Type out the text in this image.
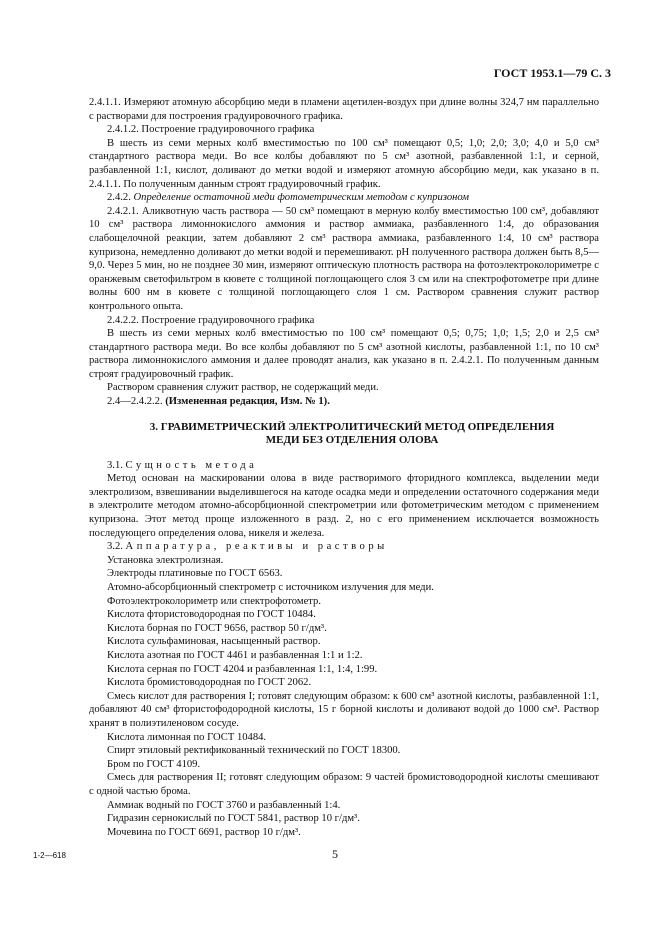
ГОСТ 1953.1—79 С. 3

2.4.1.1. Измеряют атомную абсорбцию меди в пламени ацетилен-воздух при длине волны 324,7 нм параллельно с растворами для построения градуировочного графика.

2.4.1.2. Построение градуировочного графика

В шесть из семи мерных колб вместимостью по 100 см³ помещают 0,5; 1,0; 2,0; 3,0; 4,0 и 5,0 см³ стандартного раствора меди. Во все колбы добавляют по 5 см³ азотной, разбавленной 1:1, и серной, разбавленной 1:1, кислот, доливают до метки водой и измеряют атомную абсорбцию меди, как указано в п. 2.4.1.1. По полученным данным строят градуировочный график.

2.4.2. Определение остаточной меди фотометрическим методом с купризоном

2.4.2.1. Аликвотную часть раствора — 50 см³ помещают в мерную колбу вместимостью 100 см³, добавляют 10 см³ раствора лимоннокислого аммония и раствор аммиака, разбавленного 1:4, до образования слабощелочной реакции, затем добавляют 2 см³ раствора аммиака, разбавленного 1:4, 10 см³ раствора купризона, немедленно доливают до метки водой и перемешивают. pH полученного раствора должен быть 8,5—9,0. Через 5 мин, но не позднее 30 мин, измеряют оптическую плотность раствора на фотоэлектроколориметре с оранжевым светофильтром в кювете с толщиной поглощающего слоя 3 см или на спектрофотометре при длине волны 600 нм в кювете с толщиной поглощающего слоя 1 см. Раствором сравнения служит раствор контрольного опыта.

2.4.2.2. Построение градуировочного графика

В шесть из семи мерных колб вместимостью по 100 см³ помещают 0,5; 0,75; 1,0; 1,5; 2,0 и 2,5 см³ стандартного раствора меди. Во все колбы добавляют по 5 см³ азотной кислоты, разбавленной 1:1, по 10 см³ раствора лимоннокислого аммония и далее проводят анализ, как указано в п. 2.4.2.1. По полученным данным строят градуировочный график.

Раствором сравнения служит раствор, не содержащий меди.

2.4—2.4.2.2. (Измененная редакция, Изм. № 1).

3. ГРАВИМЕТРИЧЕСКИЙ ЭЛЕКТРОЛИТИЧЕСКИЙ МЕТОД ОПРЕДЕЛЕНИЯ
МЕДИ БЕЗ ОТДЕЛЕНИЯ ОЛОВА

3.1. Сущность метода

Метод основан на маскировании олова в виде растворимого фторидного комплекса, выделении меди электролизом, взвешивании выделившегося на катоде осадка меди и определении остаточного содержания меди в электролите методом атомно-абсорбционной спектрометрии или фотометрическим методом с применением купризона. Этот метод проще изложенного в разд. 2, но с его применением исключается возможность последующего определения олова, никеля и железа.

3.2. Аппаратура, реактивы и растворы

Установка электролизная.

Электроды платиновые по ГОСТ 6563.

Атомно-абсорбционный спектрометр с источником излучения для меди.

Фотоэлектроколориметр или спектрофотометр.

Кислота фтористоводородная по ГОСТ 10484.

Кислота борная по ГОСТ 9656, раствор 50 г/дм³.

Кислота сульфаминовая, насыщенный раствор.

Кислота азотная по ГОСТ 4461 и разбавленная 1:1 и 1:2.

Кислота серная по ГОСТ 4204 и разбавленная 1:1, 1:4, 1:99.

Кислота бромистоводородная по ГОСТ 2062.

Смесь кислот для растворения I; готовят следующим образом: к 600 см³ азотной кислоты, разбавленной 1:1, добавляют 40 см³ фтористофодородной кислоты, 15 г борной кислоты и доливают водой до 1000 см³. Раствор хранят в полиэтиленовом сосуде.

Кислота лимонная по ГОСТ 10484.

Спирт этиловый ректификованный технический по ГОСТ 18300.

Бром по ГОСТ 4109.

Смесь для растворения II; готовят следующим образом: 9 частей бромистоводородной кислоты смешивают с одной частью брома.

Аммиак водный по ГОСТ 3760 и разбавленный 1:4.

Гидразин сернокислый по ГОСТ 5841, раствор 10 г/дм³.

Мочевина по ГОСТ 6691, раствор 10 г/дм³.

1-2—618	5
